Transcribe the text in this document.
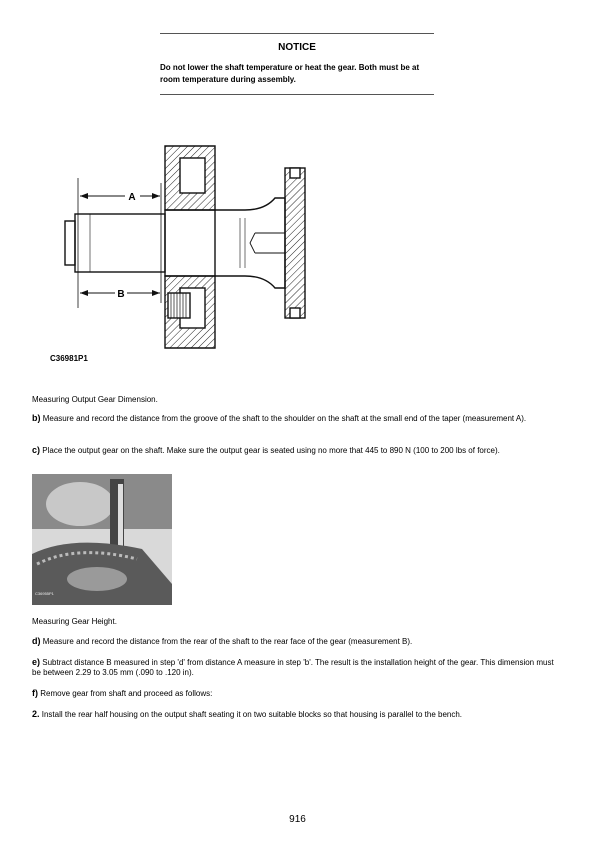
NOTICE
Do not lower the shaft temperature or heat the gear. Both must be at room temperature during assembly.
A
B
C36981P1
Measuring Output Gear Dimension.
b) Measure and record the distance from the groove of the shaft to the shoulder on the shaft at the small end of the taper (measurement A).
c) Place the output gear on the shaft. Make sure the output gear is seated using no more that 445 to 890 N (100 to 200 lbs of force).
C36955P1
Measuring Gear Height.
d) Measure and record the distance from the rear of the shaft to the rear face of the gear (measurement B).
e) Subtract distance B measured in step 'd' from distance A measure in step 'b'. The result is the installation height of the gear. This dimension must be between 2.29 to 3.05 mm (.090 to .120 in).
f) Remove gear from shaft and proceed as follows:
2. Install the rear half housing on the output shaft seating it on two suitable blocks so that housing is parallel to the bench.
916
